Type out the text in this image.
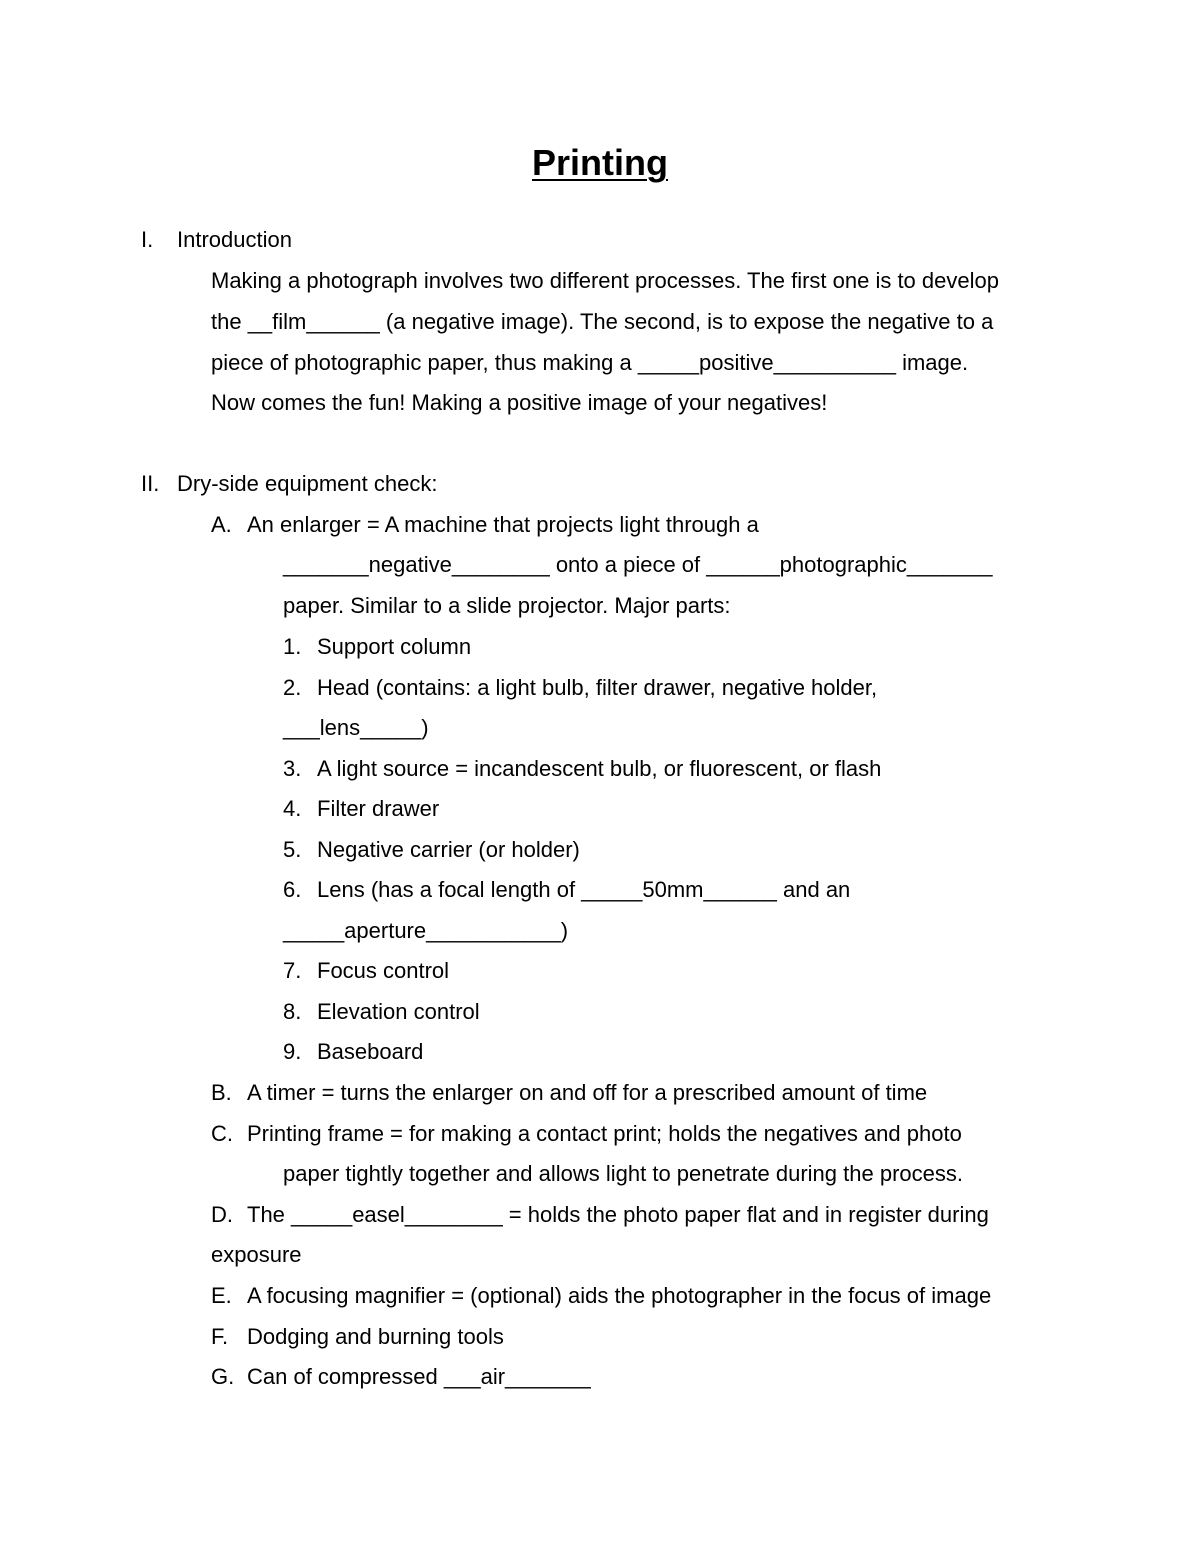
Printing
I. Introduction
Making a photograph involves two different processes. The first one is to develop
the __film______ (a negative image). The second, is to expose the negative to a
piece of photographic paper, thus making a _____positive__________ image.
Now comes the fun! Making a positive image of your negatives!
II. Dry-side equipment check:
A. An enlarger = A machine that projects light through a
_______negative________ onto a piece of ______photographic_______
paper. Similar to a slide projector. Major parts:
1. Support column
2. Head (contains: a light bulb, filter drawer, negative holder,
___lens_____)
3. A light source = incandescent bulb, or fluorescent, or flash
4. Filter drawer
5. Negative carrier (or holder)
6. Lens (has a focal length of _____50mm______ and an
_____aperture___________)
7. Focus control
8. Elevation control
9. Baseboard
B. A timer = turns the enlarger on and off for a prescribed amount of time
C. Printing frame = for making a contact print; holds the negatives and photo
paper tightly together and allows light to penetrate during the process.
D. The _____easel________ = holds the photo paper flat and in register during
exposure
E. A focusing magnifier = (optional) aids the photographer in the focus of image
F. Dodging and burning tools
G. Can of compressed ___air_______
